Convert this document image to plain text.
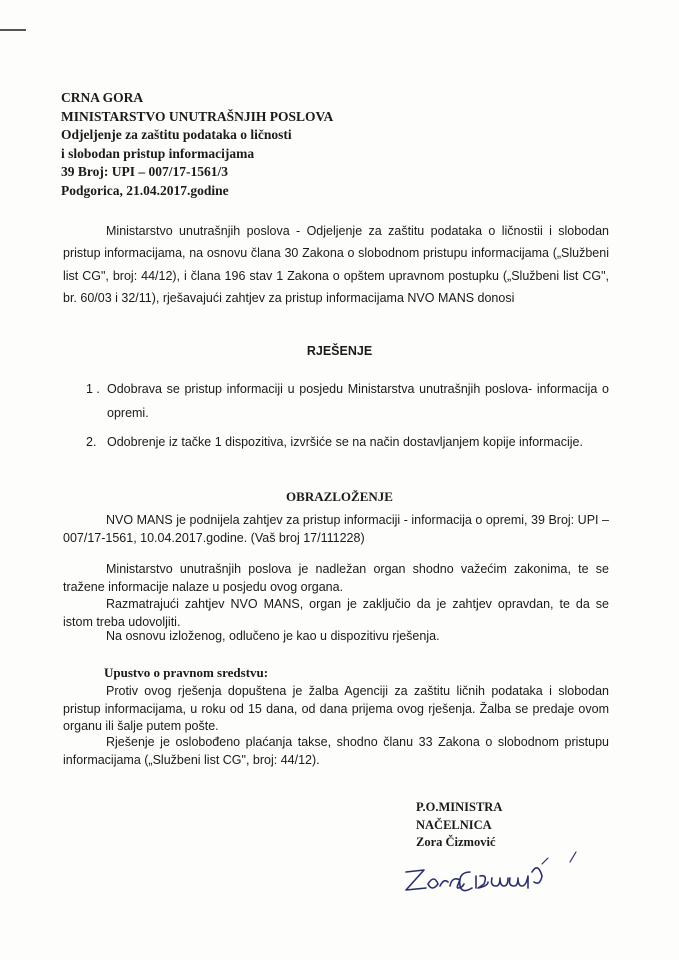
CRNA GORA
MINISTARSTVO UNUTRAŠNJIH POSLOVA
Odjeljenje za zaštitu podataka o ličnosti
i slobodan pristup informacijama
39 Broj: UPI – 007/17-1561/3
Podgorica, 21.04.2017.godine
Ministarstvo unutrašnjih poslova - Odjeljenje za zaštitu podataka o ličnostii i slobodan pristup informacijama, na osnovu člana 30 Zakona o slobodnom pristupu informacijama („Službeni list CG", broj: 44/12), i člana 196 stav 1 Zakona o opštem upravnom postupku („Službeni list CG", br. 60/03 i 32/11), rješavajući zahtjev za pristup informacijama NVO MANS donosi
RJEŠENJE
1 . Odobrava se pristup informaciji u posjedu Ministarstva unutrašnjih poslova- informacija o opremi.
2. Odobrenje iz tačke 1 dispozitiva, izvršiće se na način dostavljanjem kopije informacije.
OBRAZLOŽENJE
NVO MANS je podnijela zahtjev za pristup informaciji - informacija o opremi, 39 Broj: UPI – 007/17-1561, 10.04.2017.godine. (Vaš broj 17/111228)
Ministarstvo unutrašnjih poslova je nadležan organ shodno važećim zakonima, te se tražene informacije nalaze u posjedu ovog organa.
Razmatrajući zahtjev NVO MANS, organ je zaključio da je zahtjev opravdan, te da se istom treba udovoljiti.
Na osnovu izloženog, odlučeno je kao u dispozitivu rješenja.
Upustvo o pravnom sredstvu:
Protiv ovog rješenja dopuštena je žalba Agenciji za zaštitu ličnih podataka i slobodan pristup informacijama, u roku od 15 dana, od dana prijema ovog rješenja. Žalba se predaje ovom organu ili šalje putem pošte.
Rješenje je oslobođeno plaćanja takse, shodno članu 33 Zakona o slobodnom pristupu informacijama („Službeni list CG", broj: 44/12).
P.O.MINISTRA
NAČELNICA
Zora Čizmović
